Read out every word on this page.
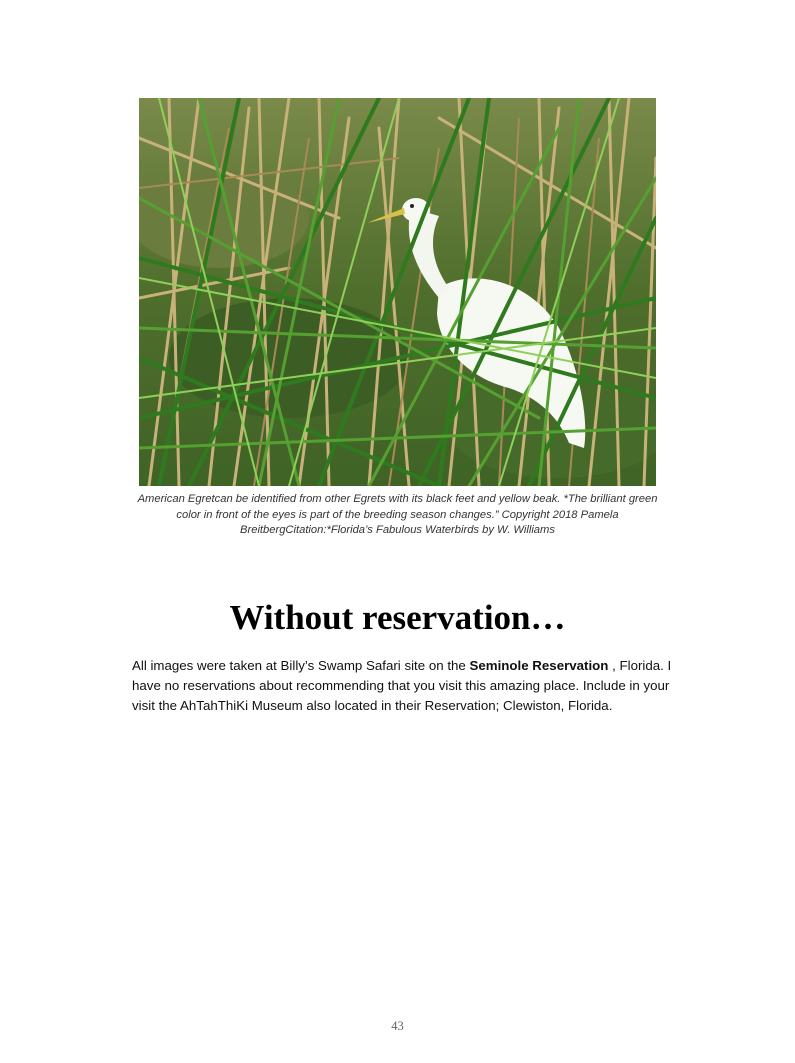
American Egretcan be identified from other Egrets with its black feet and yellow beak. *The brilliant green color in front of the eyes is part of the breeding season changes.” Copyright 2018 Pamela BreitbergCitation:*Florida’s Fabulous Waterbirds by W. Williams
Without reservation…

All images were taken at Billy’s Swamp Safari site on the Seminole Reservation , Florida. I have no reservations about recommending that you visit this amazing place. Include in your visit the AhTahThiKi Museum also located in their Reservation; Clewiston, Florida.

43
